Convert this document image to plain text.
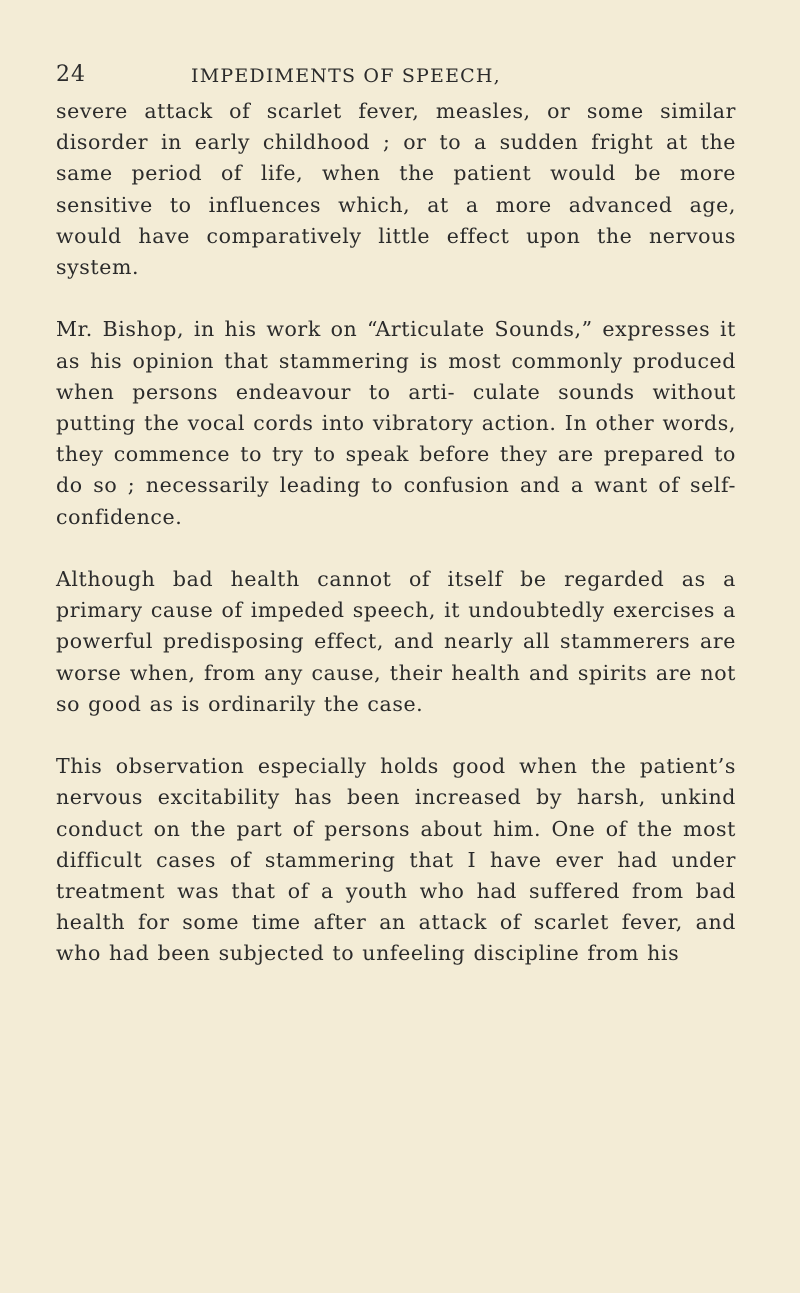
24	IMPEDIMENTS OF SPEECH,

severe attack of scarlet fever, measles, or some similar disorder in early childhood ; or to a sudden fright at the same period of life, when the patient would be more sensitive to influences which, at a more advanced age, would have comparatively little effect upon the nervous system.

Mr. Bishop, in his work on “Articulate Sounds,” expresses it as his opinion that stammering is most commonly produced when persons endeavour to arti- culate sounds without putting the vocal cords into vibratory action. In other words, they commence to try to speak before they are prepared to do so ; necessarily leading to confusion and a want of self-confidence.

Although bad health cannot of itself be regarded as a primary cause of impeded speech, it undoubtedly exercises a powerful predisposing effect, and nearly all stammerers are worse when, from any cause, their health and spirits are not so good as is ordinarily the case.

This observation especially holds good when the patient’s nervous excitability has been increased by harsh, unkind conduct on the part of persons about him. One of the most difficult cases of stammering that I have ever had under treatment was that of a youth who had suffered from bad health for some time after an attack of scarlet fever, and who had been subjected to unfeeling discipline from his
